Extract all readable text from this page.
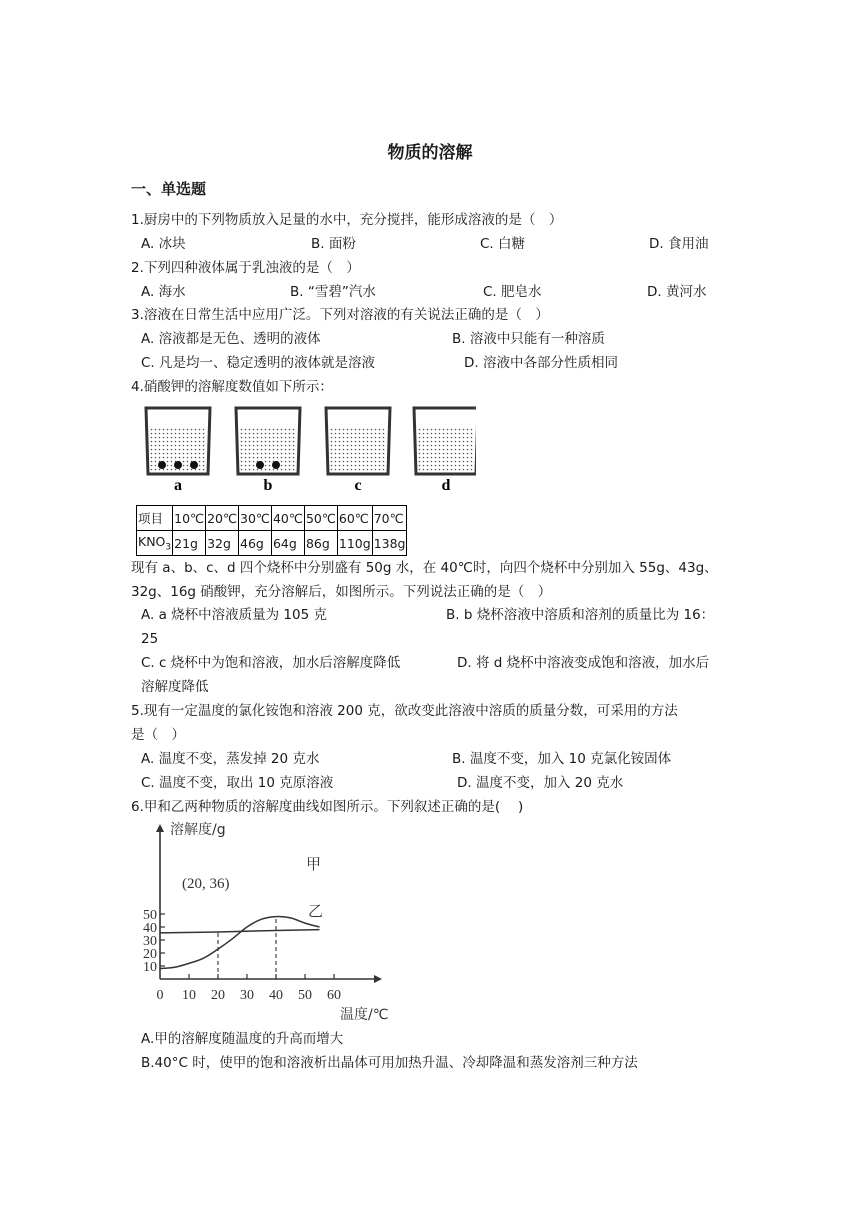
物质的溶解
一、单选题
1.厨房中的下列物质放入足量的水中，充分搅拌，能形成溶液的是（　）
A. 冰块	B. 面粉	C. 白糖	D. 食用油
2.下列四种液体属于乳浊液的是（　）
A. 海水	B. “雪碧”汽水	C. 肥皂水	D. 黄河水
3.溶液在日常生活中应用广泛。下列对溶液的有关说法正确的是（　）
A. 溶液都是无色、透明的液体	B. 溶液中只能有一种溶质
C. 凡是均一、稳定透明的液体就是溶液	D. 溶液中各部分性质相同
4.硝酸钾的溶解度数值如下所示：
a	b	c	d
项目	10℃	20℃	30℃	40℃	50℃	60℃	70℃
$KNO_3$	21g	32g	46g	64g	86g	110g	138g
现有 a、b、c、d 四个烧杯中分别盛有 50g 水，在 40℃时，向四个烧杯中分别加入 55g、43g、
32g、16g 硝酸钾，充分溶解后，如图所示。下列说法正确的是（　）
A. a 烧杯中溶液质量为 105 克	B. b 烧杯溶液中溶质和溶剂的质量比为 16：
25
C. c 烧杯中为饱和溶液，加水后溶解度降低	D. 将 d 烧杯中溶液变成饱和溶液，加水后
溶解度降低
5.现有一定温度的氯化铵饱和溶液 200 克，欲改变此溶液中溶质的质量分数，可采用的方法
是（　）
A. 温度不变，蒸发掉 20 克水	B. 温度不变，加入 10 克氯化铵固体
C. 温度不变，取出 10 克原溶液	D. 温度不变，加入 20 克水
6.甲和乙两种物质的溶解度曲线如图所示。下列叙述正确的是(　 )
0 10 20 30 40 50 60
10
20
30
40
50
溶解度/g
温度/℃
(20, 36)
甲
乙
A.甲的溶解度随温度的升高而增大
B.40°C 时，使甲的饱和溶液析出晶体可用加热升温、冷却降温和蒸发溶剂三种方法
